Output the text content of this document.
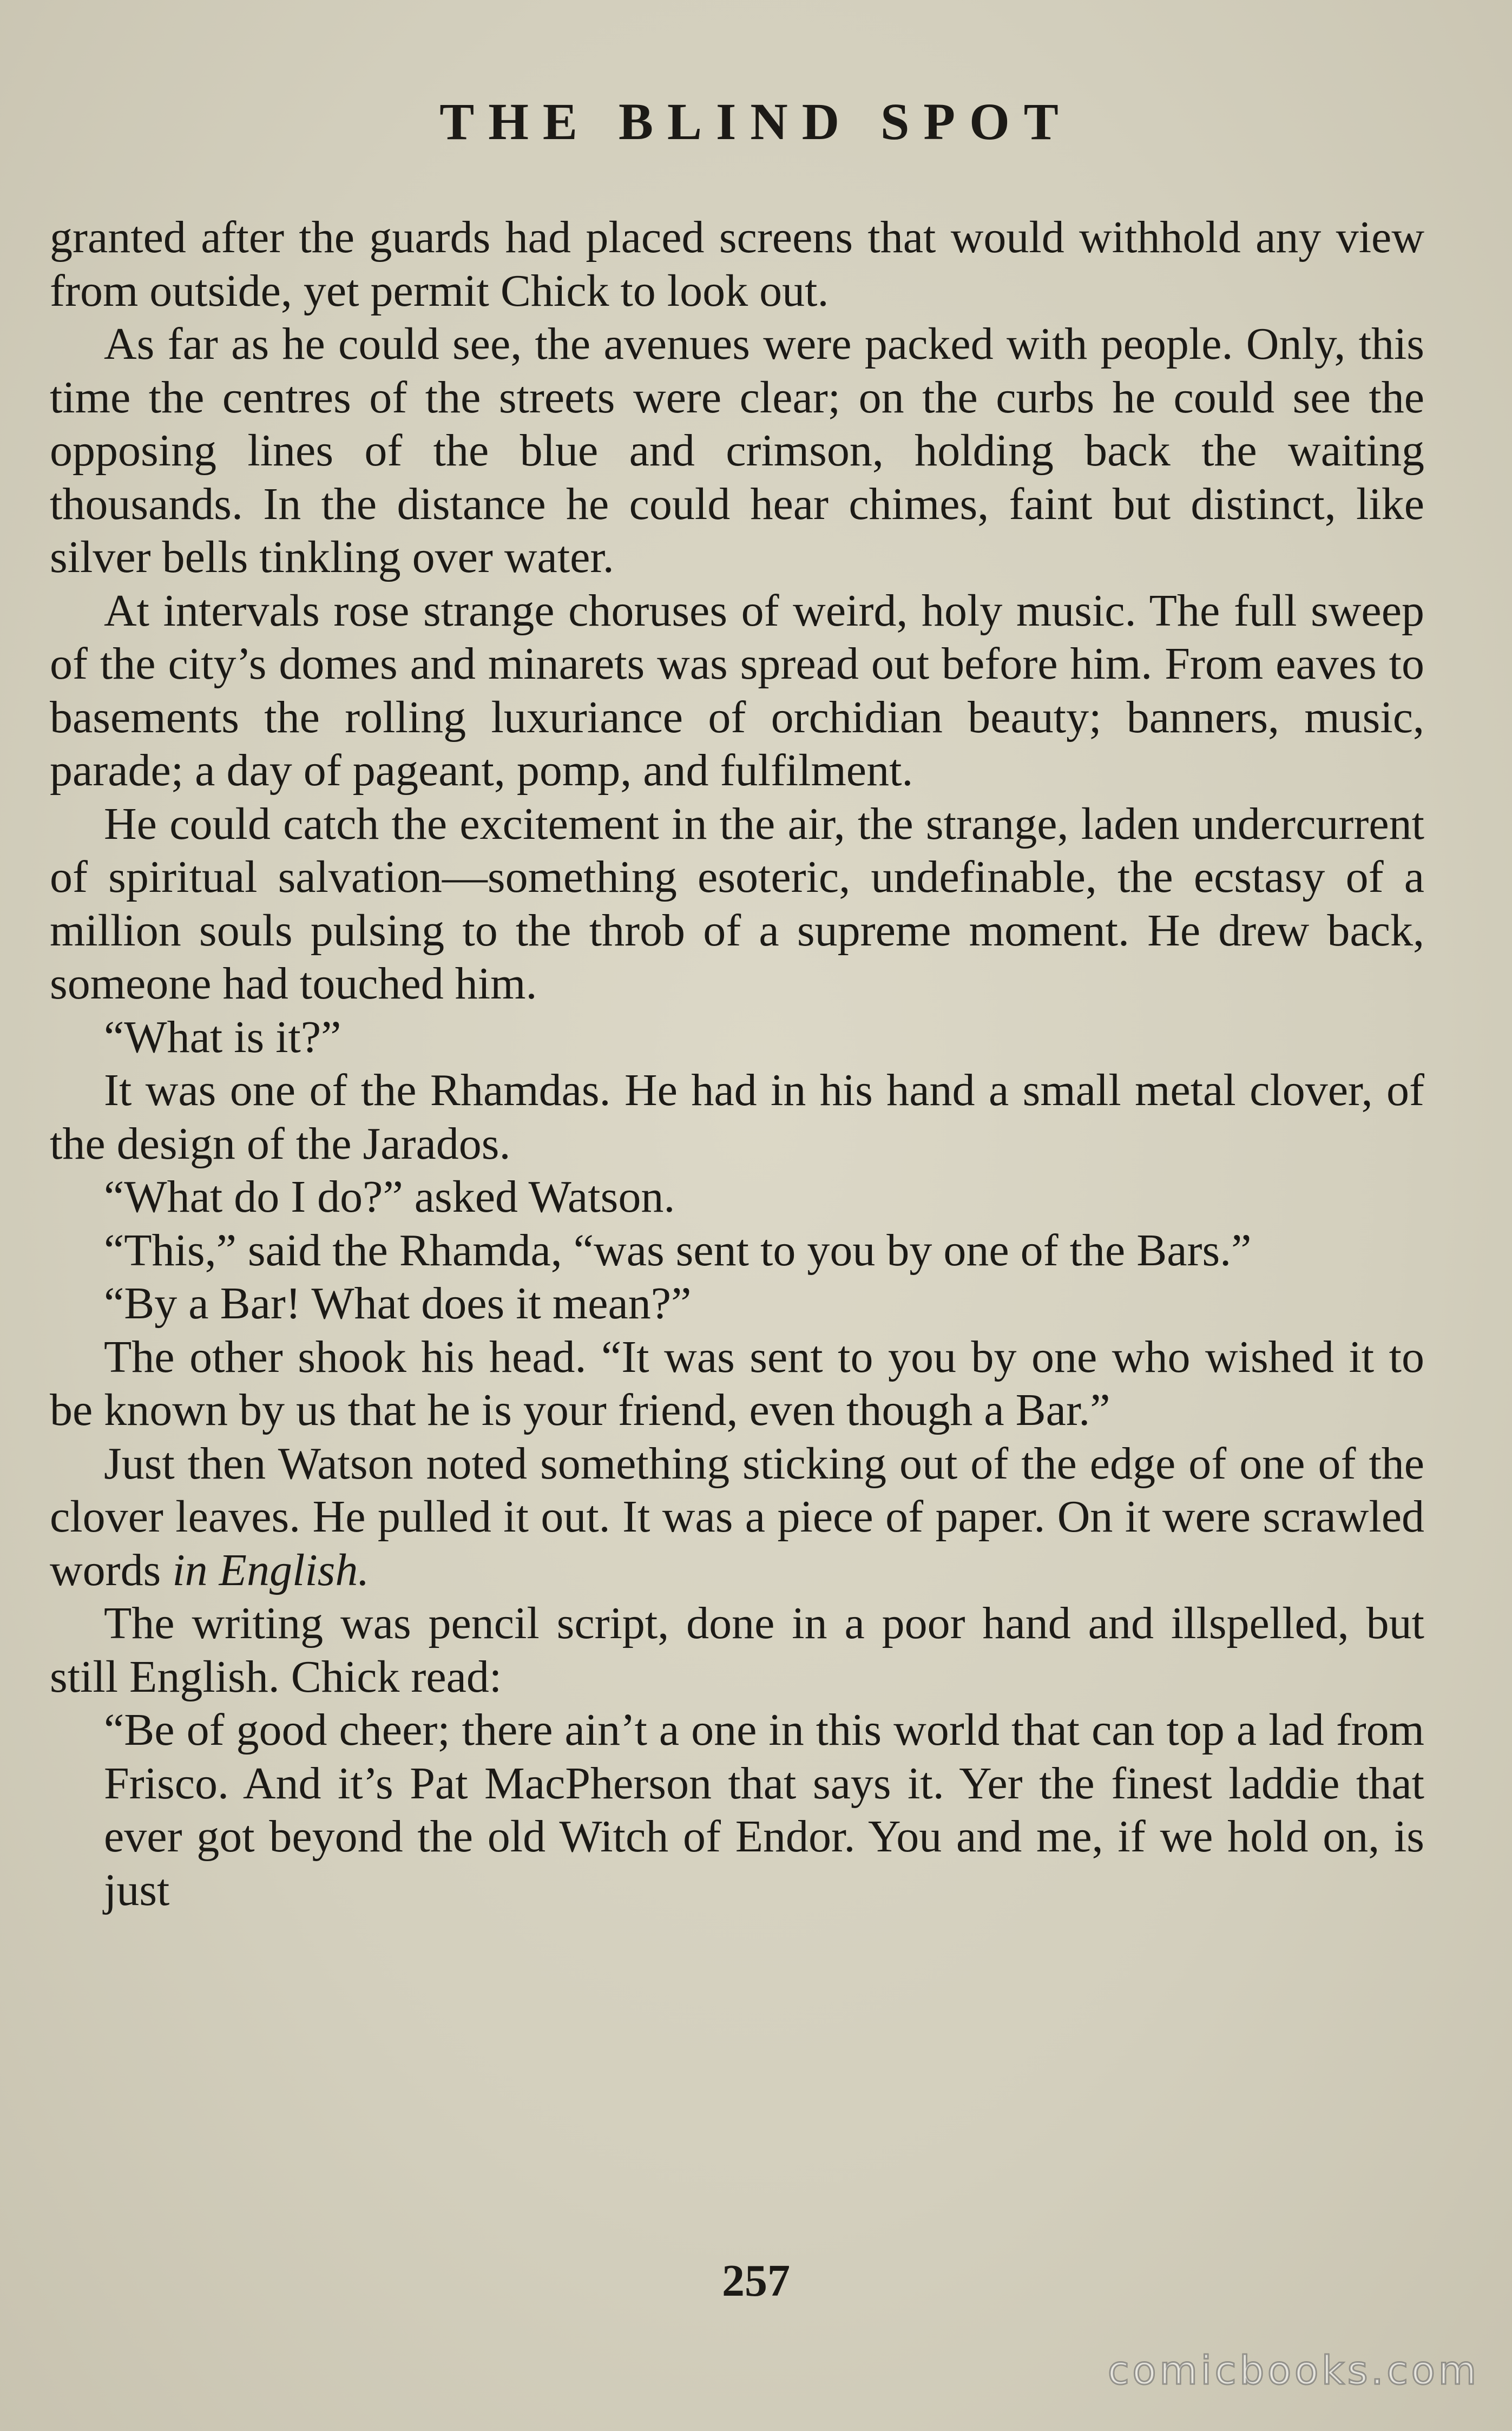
THE BLIND SPOT

granted after the guards had placed screens that would withhold any view from outside, yet permit Chick to look out.

As far as he could see, the avenues were packed with people. Only, this time the centres of the streets were clear; on the curbs he could see the opposing lines of the blue and crimson, holding back the waiting thousands. In the distance he could hear chimes, faint but distinct, like silver bells tinkling over water.

At intervals rose strange choruses of weird, holy music. The full sweep of the city’s domes and minarets was spread out before him. From eaves to basements the rolling luxuriance of orchidian beauty; banners, music, parade; a day of pageant, pomp, and fulfilment.

He could catch the excitement in the air, the strange, laden undercurrent of spiritual salvation—something esoteric, undefinable, the ecstasy of a million souls pulsing to the throb of a supreme moment. He drew back, someone had touched him.

“What is it?”

It was one of the Rhamdas. He had in his hand a small metal clover, of the design of the Jarados.

“What do I do?” asked Watson.

“This,” said the Rhamda, “was sent to you by one of the Bars.”

“By a Bar! What does it mean?”

The other shook his head. “It was sent to you by one who wished it to be known by us that he is your friend, even though a Bar.”

Just then Watson noted something sticking out of the edge of one of the clover leaves. He pulled it out. It was a piece of paper. On it were scrawled words in English.

The writing was pencil script, done in a poor hand and illspelled, but still English. Chick read:

“Be of good cheer; there ain’t a one in this world that can top a lad from Frisco. And it’s Pat MacPherson that says it. Yer the finest laddie that ever got beyond the old Witch of Endor. You and me, if we hold on, is just

257
comicbooks.com
